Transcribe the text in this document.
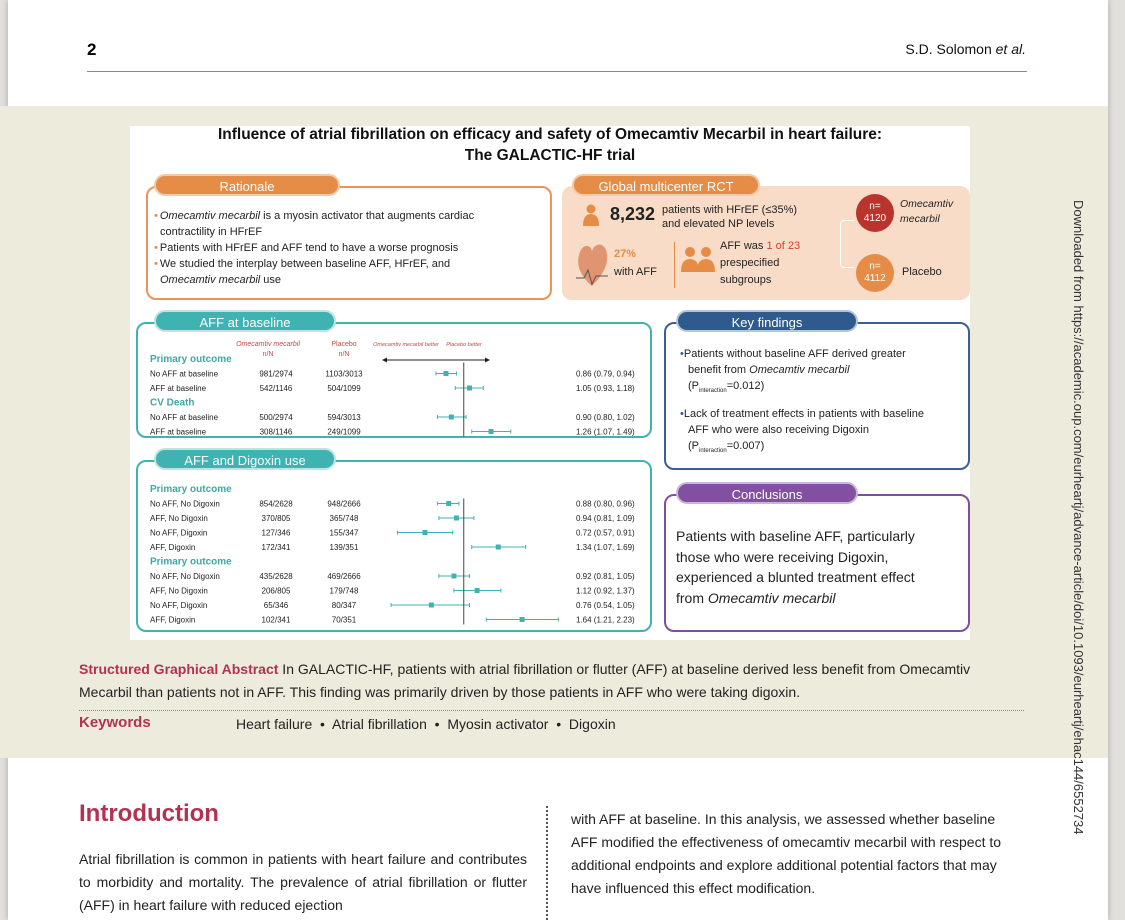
2	S.D. Solomon et al.
Influence of atrial fibrillation on efficacy and safety of Omecamtiv Mecarbil in heart failure:
The GALACTIC-HF trial
• Omecamtiv mecarbil is a myosin activator that augments cardiac
contractility in HFrEF
• Patients with HFrEF and AFF tend to have a worse prognosis
• We studied the interplay between baseline AFF, HFrEF, and
Omecamtiv mecarbil use
Rationale
8,232 patients with HFrEF (≤35%)
and elevated NP levels
27%
with AFF
AFF was 1 of 23
prespecified
subgroups
n=
4120
Omecamtiv
mecarbil
n=
4112
Placebo
Global multicenter RCT
Omecamtiv mecarbil
n/N
Placebo
n/N
Omecamtiv mecarbil better Placebo better
Primary outcome
No AFF at baseline	981/2974	1103/3013	0.86 (0.79, 0.94)
AFF at baseline	542/1146	504/1099	1.05 (0.93, 1.18)
CV Death
No AFF at baseline	500/2974	594/3013	0.90 (0.80, 1.02)
AFF at baseline	308/1146	249/1099	1.26 (1.07, 1.49)
AFF at baseline
Primary outcome
No AFF, No Digoxin	854/2628	948/2666	0.88 (0.80, 0.96)
AFF, No Digoxin	370/805	365/748	0.94 (0.81, 1.09)
No AFF, Digoxin	127/346	155/347	0.72 (0.57, 0.91)
AFF, Digoxin	172/341	139/351	1.34 (1.07, 1.69)
Primary outcome
No AFF, No Digoxin	435/2628	469/2666	0.92 (0.81, 1.05)
AFF, No Digoxin	206/805	179/748	1.12 (0.92, 1.37)
No AFF, Digoxin	65/346	80/347	0.76 (0.54, 1.05)
AFF, Digoxin	102/341	70/351	1.64 (1.21, 2.23)
AFF and Digoxin use
•Patients without baseline AFF derived greater
benefit from Omecamtiv mecarbil
$(P_{interaction}=0.012)$
•Lack of treatment effects in patients with baseline
AFF who were also receiving Digoxin
$(P_{interaction}=0.007)$
Key findings
Patients with baseline AFF, particularly
those who were receiving Digoxin,
experienced a blunted treatment effect
from Omecamtiv mecarbil
Conclusions
Structured Graphical Abstract In GALACTIC-HF, patients with atrial fibrillation or flutter (AFF) at baseline derived less benefit from Omecamtiv Mecarbil than patients not in AFF. This finding was primarily driven by those patients in AFF who were taking digoxin.
Keywords	Heart failure  •  Atrial fibrillation  •  Myosin activator  •  Digoxin
Introduction
Atrial fibrillation is common in patients with heart failure and contributes to morbidity and mortality. The prevalence of atrial fibrillation or flutter (AFF) in heart failure with reduced ejection
with AFF at baseline. In this analysis, we assessed whether baseline AFF modified the effectiveness of omecamtiv mecarbil with respect to additional endpoints and explore additional potential factors that may have influenced this effect modification.
Downloaded from https://academic.oup.com/eurheartj/advance-article/doi/10.1093/eurheartj/ehac144/6552734
